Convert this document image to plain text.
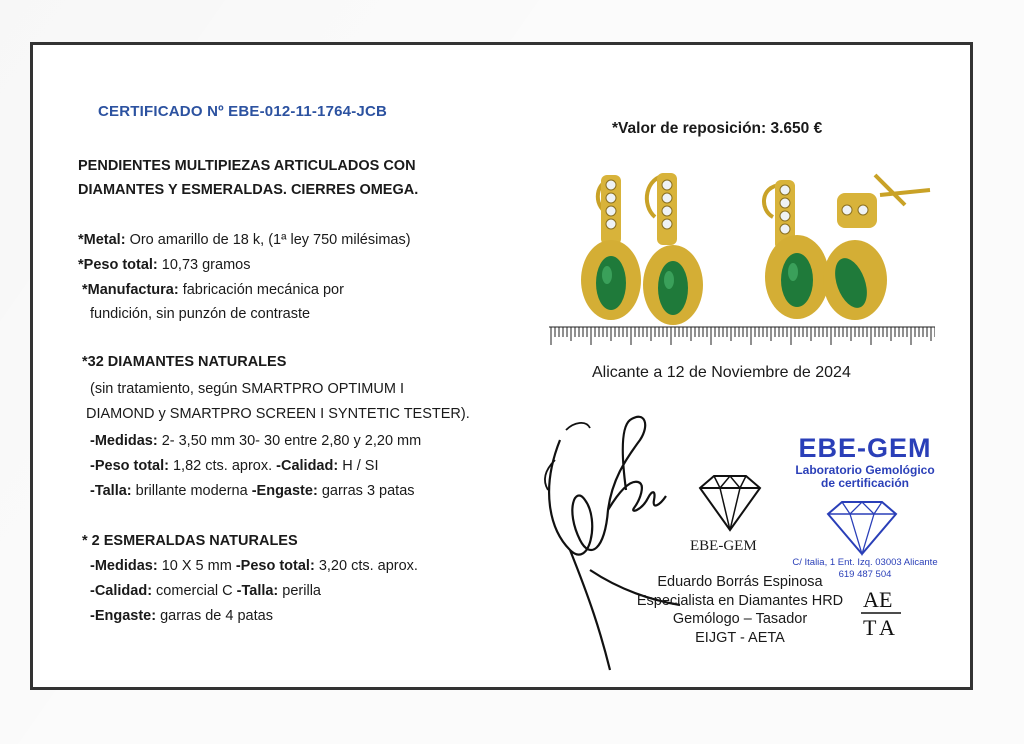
CERTIFICADO Nº EBE-012-11-1764-JCB
PENDIENTES MULTIPIEZAS ARTICULADOS CON
DIAMANTES Y ESMERALDAS. CIERRES OMEGA.
*Metal: Oro amarillo de 18 k, (1ª ley 750 milésimas)
*Peso total: 10,73 gramos
*Manufactura: fabricación mecánica por
fundición, sin punzón de contraste
*32 DIAMANTES NATURALES
(sin tratamiento, según SMARTPRO OPTIMUM I
DIAMOND y SMARTPRO SCREEN I SYNTETIC TESTER).
-Medidas: 2- 3,50 mm 30- 30 entre 2,80 y 2,20 mm
-Peso total: 1,82 cts. aprox. -Calidad: H / SI
-Talla: brillante moderna -Engaste: garras 3 patas
* 2 ESMERALDAS NATURALES
-Medidas: 10 X 5 mm -Peso total: 3,20 cts. aprox.
-Calidad: comercial C -Talla: perilla
-Engaste: garras de 4 patas
*Valor de reposición: 3.650 €
Alicante a 12 de Noviembre de 2024
EBE-GEM
EBE-GEM
Laboratorio Gemológico
de certificación
C/ Italia, 1 Ent. Izq. 03003 Alicante
619 487 504
Eduardo Borrás Espinosa
Especialista en Diamantes HRD
Gemólogo – Tasador
EIJGT - AETA
A E
T A
